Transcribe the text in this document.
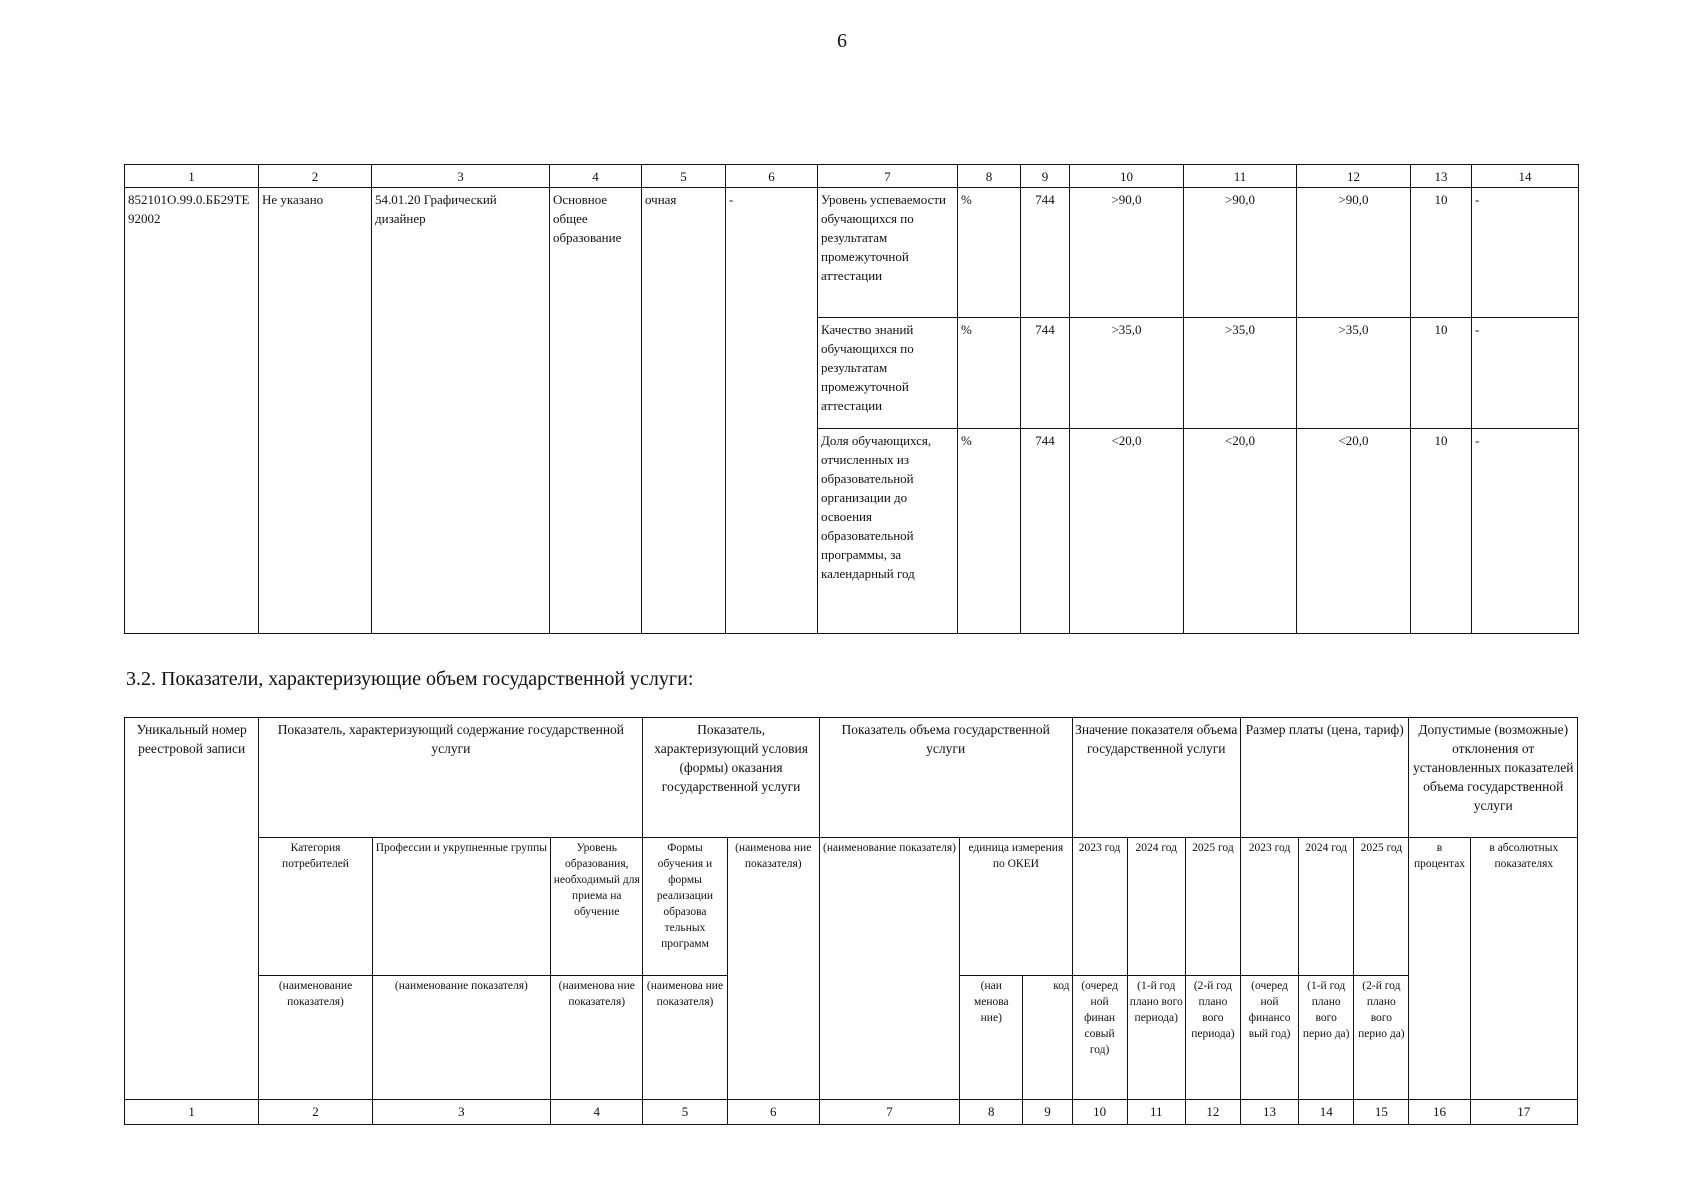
6
1	2	3	4	5	6	7	8	9	10	11	12	13	14
852101О.99.0.ББ29ТЕ92002	Не указано	54.01.20 Графический дизайнер	Основное общее образование	очная	-	Уровень успеваемости обучающихся по результатам промежуточной аттестации	%	744	>90,0	>90,0	>90,0	10	-
						Качество знаний обучающихся по результатам промежуточной аттестации	%	744	>35,0	>35,0	>35,0	10	-
						Доля обучающихся, отчисленных из образовательной организации до освоения образовательной программы, за календарный год	%	744	<20,0	<20,0	<20,0	10	-
3.2. Показатели, характеризующие объем государственной услуги:
Уникальный номер реестровой записи	Показатель, характеризующий содержание государственной услуги			Показатель, характеризующий условия (формы) оказания государственной услуги		Показатель объема государственной услуги			Значение показателя объема государственной услуги			Размер платы (цена, тариф)			Допустимые (возможные) отклонения от установленных показателей объема государственной услуги	
	Категория потребителей	Профессии и укрупненные группы	Уровень образования, необходимый для приема на обучение	Формы обучения и формы реализации образова тельных программ	(наименова ние показателя)	(наименование показателя)	единица измерения по ОКЕИ		2023 год	2024 год	2025 год	2023 год	2024 год	2025 год	в процентах	в абсолютных показателях
	(наименование показателя)	(наименование показателя)	(наименова ние показателя)	(наименова ние показателя)			(наи менова ние)	код	(очеред ной финан совый год)	(1-й год плано вого периода)	(2-й год плано вого периода)	(очеред ной финансо вый год)	(1-й год плано вого перио да)	(2-й год плано вого перио да)		
1	2	3	4	5	6	7	8	9	10	11	12	13	14	15	16	17
